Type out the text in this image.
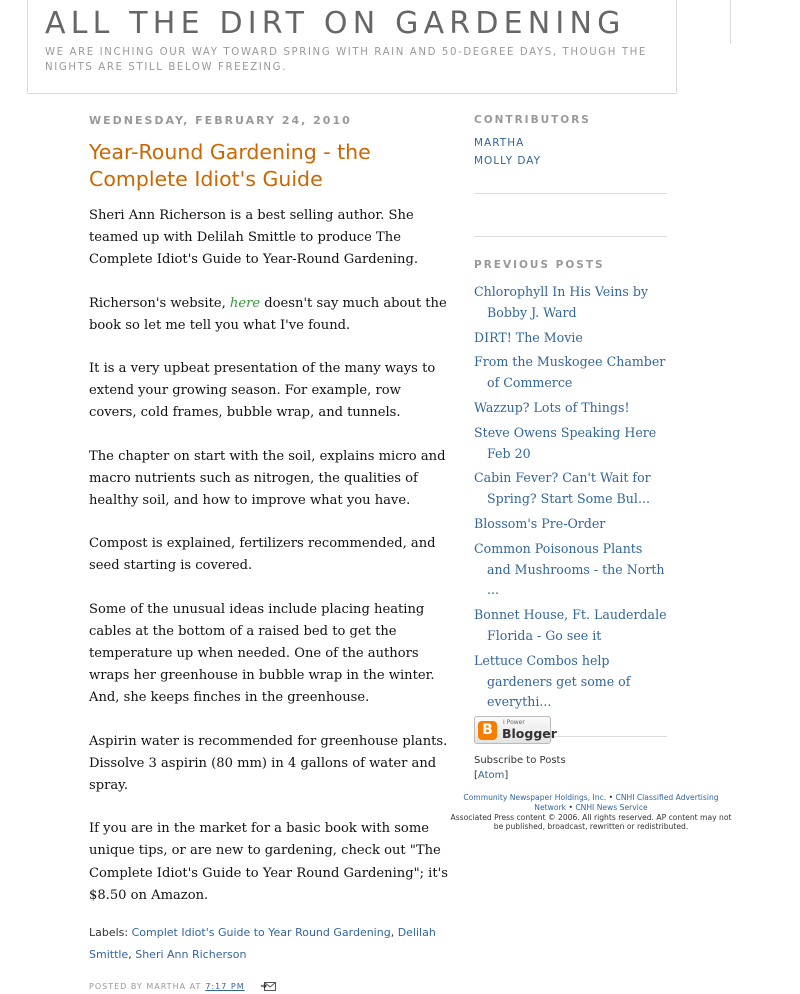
ALL THE DIRT ON GARDENING
WE ARE INCHING OUR WAY TOWARD SPRING WITH RAIN AND 50-DEGREE DAYS, THOUGH THE NIGHTS ARE STILL BELOW FREEZING.
WEDNESDAY, FEBRUARY 24, 2010
Year-Round Gardening - the Complete Idiot's Guide

Sheri Ann Richerson is a best selling author. She teamed up with Delilah Smittle to produce The Complete Idiot's Guide to Year-Round Gardening.

Richerson's website, here doesn't say much about the book so let me tell you what I've found.

It is a very upbeat presentation of the many ways to extend your growing season. For example, row covers, cold frames, bubble wrap, and tunnels.

The chapter on start with the soil, explains micro and macro nutrients such as nitrogen, the qualities of healthy soil, and how to improve what you have.

Compost is explained, fertilizers recommended, and seed starting is covered.

Some of the unusual ideas include placing heating cables at the bottom of a raised bed to get the temperature up when needed. One of the authors wraps her greenhouse in bubble wrap in the winter. And, she keeps finches in the greenhouse.

Aspirin water is recommended for greenhouse plants. Dissolve 3 aspirin (80 mm) in 4 gallons of water and spray.

If you are in the market for a basic book with some unique tips, or are new to gardening, check out "The Complete Idiot's Guide to Year Round Gardening"; it's $8.50 on Amazon.

Labels: Complet Idiot's Guide to Year Round Gardening, Delilah Smittle, Sheri Ann Richerson
POSTED BY
MARTHA
AT 7:17 PM
CONTRIBUTORS
MARTHA
MOLLY DAY
PREVIOUS POSTS
Chlorophyll In His Veins by Bobby J. Ward
DIRT! The Movie
From the Muskogee Chamber of Commerce
Wazzup? Lots of Things!
Steve Owens Speaking Here Feb 20
Cabin Fever? Can't Wait for Spring? Start Some Bul...
Blossom's Pre-Order
Common Poisonous Plants and Mushrooms - the North ...
Bonnet House, Ft. Lauderdale Florida - Go see it
Lettuce Combos help gardeners get some of everythi...
B	I Power
Blogger
Subscribe to Posts [Atom]
Community Newspaper Holdings, Inc. • CNHI Classified Advertising Network • CNHI News Service
Associated Press content © 2006. All rights reserved. AP content may not be published, broadcast, rewritten or redistributed.
